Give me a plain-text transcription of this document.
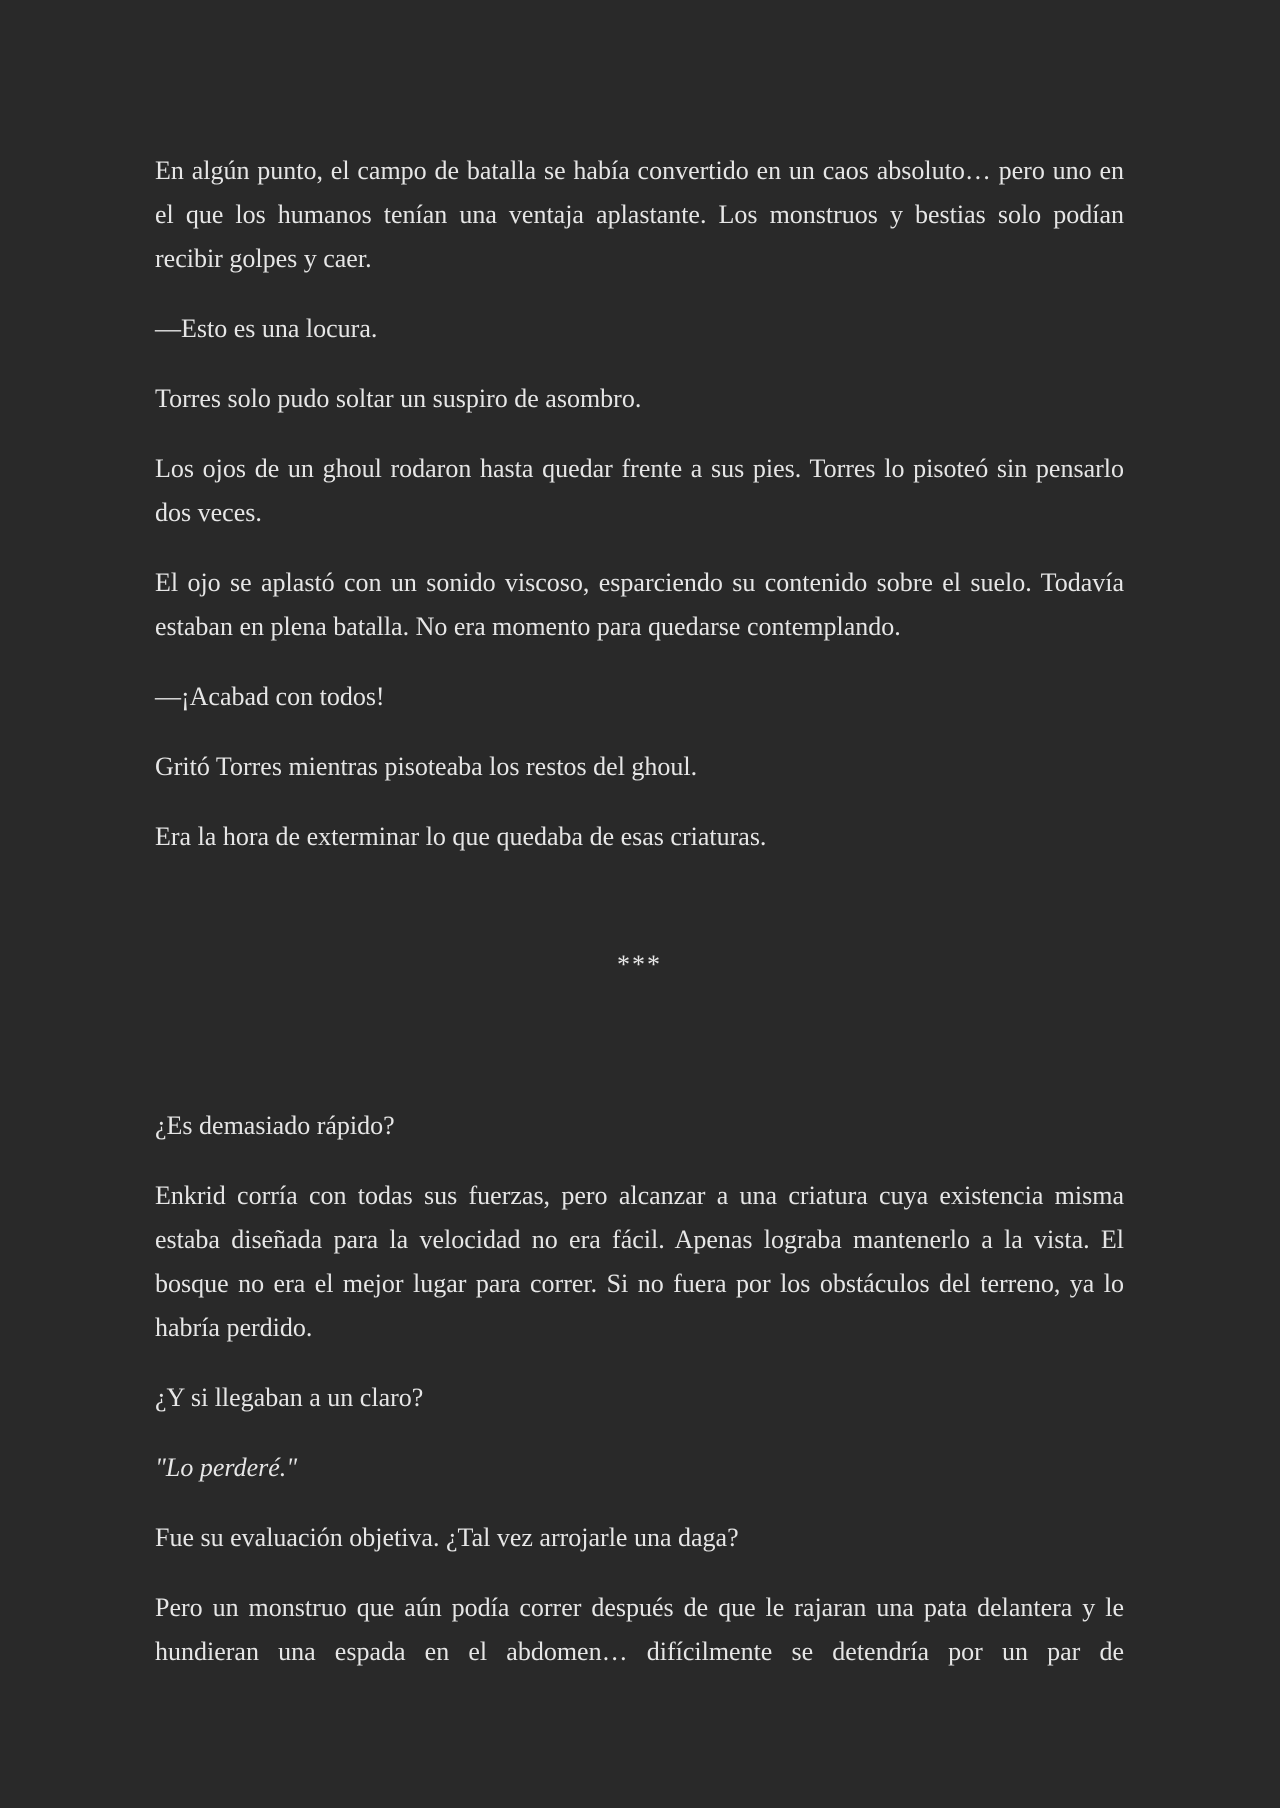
En algún punto, el campo de batalla se había convertido en un caos absoluto… pero uno en el que los humanos tenían una ventaja aplastante. Los monstruos y bestias solo podían recibir golpes y caer.

—Esto es una locura.

Torres solo pudo soltar un suspiro de asombro.

Los ojos de un ghoul rodaron hasta quedar frente a sus pies. Torres lo pisoteó sin pensarlo dos veces.

El ojo se aplastó con un sonido viscoso, esparciendo su contenido sobre el suelo. Todavía estaban en plena batalla. No era momento para quedarse contemplando.

—¡Acabad con todos!

Gritó Torres mientras pisoteaba los restos del ghoul.

Era la hora de exterminar lo que quedaba de esas criaturas.

***

¿Es demasiado rápido?

Enkrid corría con todas sus fuerzas, pero alcanzar a una criatura cuya existencia misma estaba diseñada para la velocidad no era fácil. Apenas lograba mantenerlo a la vista. El bosque no era el mejor lugar para correr. Si no fuera por los obstáculos del terreno, ya lo habría perdido.

¿Y si llegaban a un claro?

"Lo perderé."

Fue su evaluación objetiva. ¿Tal vez arrojarle una daga?

Pero un monstruo que aún podía correr después de que le rajaran una pata delantera y le hundieran una espada en el abdomen… difícilmente se detendría por un par de
